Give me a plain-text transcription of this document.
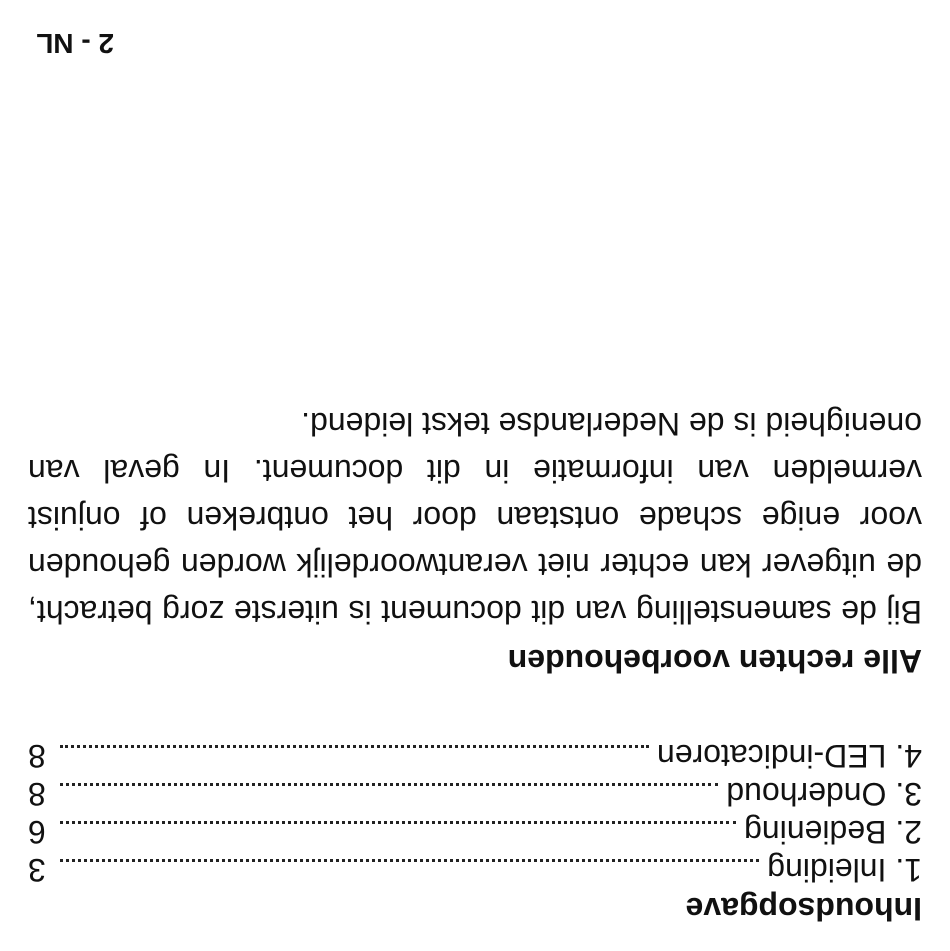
Inhoudsopgave
1. Inleiding
3
2. Bediening
6
3. Onderhoud
8
4. LED-indicatoren
8
Alle rechten voorbehouden

Bij de samenstelling van dit document is uiterste zorg betracht, de uitgever kan echter niet verantwoordelijk worden gehouden voor enige schade ontstaan door het ontbreken of onjuist vermelden van informatie in dit document. In geval van onenigheid is de Nederlandse tekst leidend.

2 - NL
